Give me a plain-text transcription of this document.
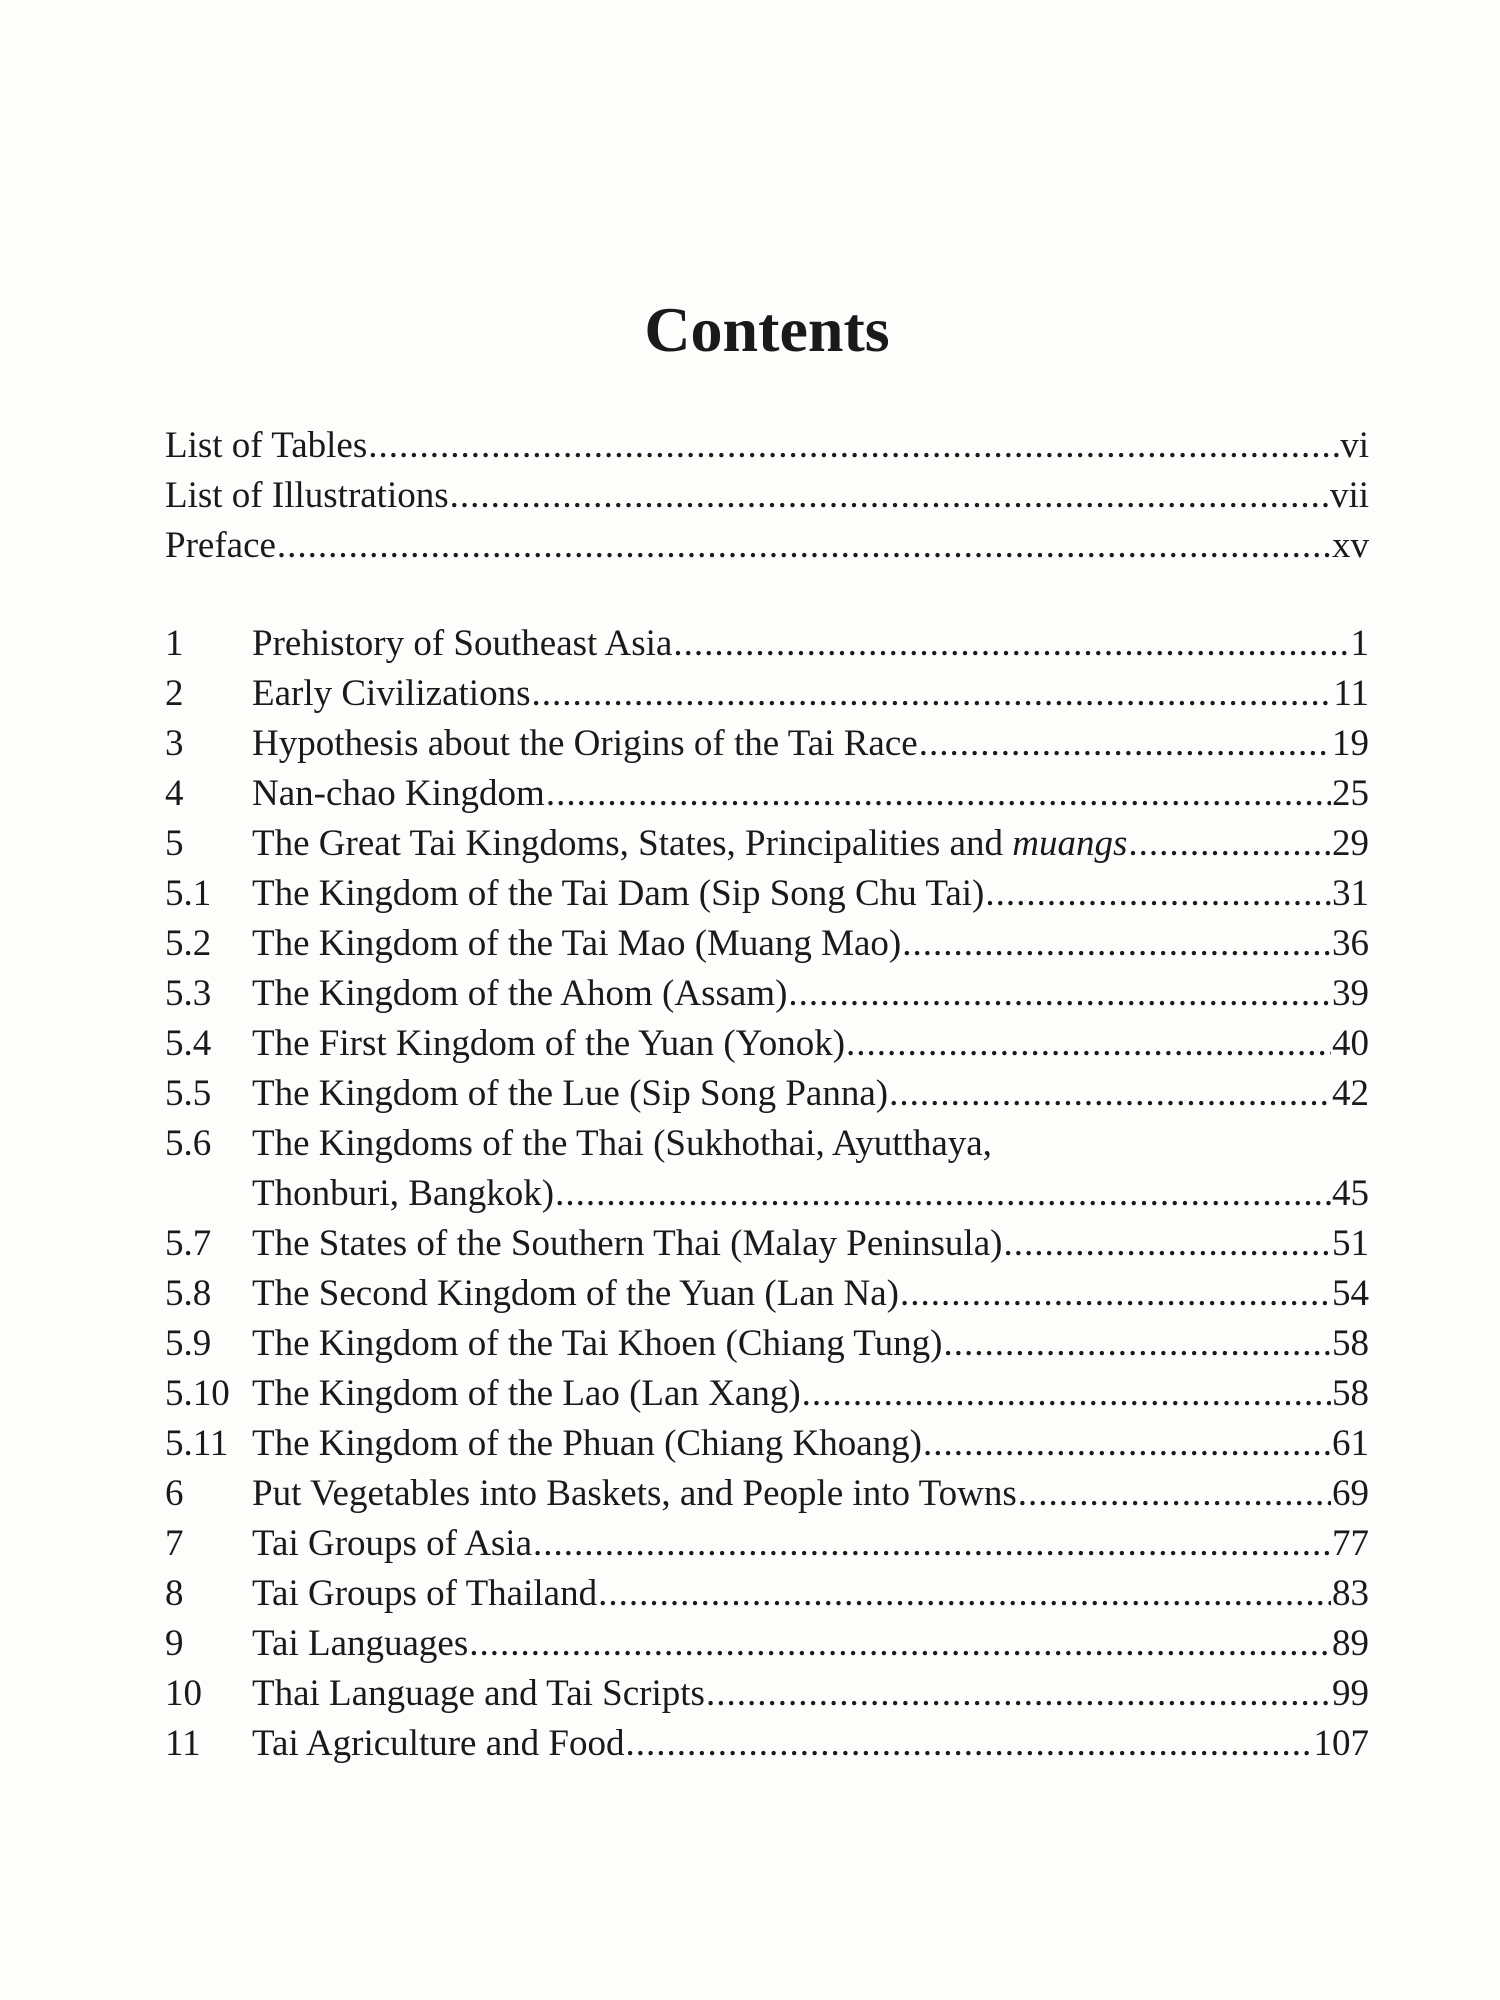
Contents
List of Tables .....	vi
List of Illustrations .....	vii
Preface .....	xv
1	Prehistory of Southeast Asia .....	1
2	Early Civilizations .....	11
3	Hypothesis about the Origins of the Tai Race .....	19
4	Nan-chao Kingdom .....	25
5	The Great Tai Kingdoms, States, Principalities and muangs .....	29
5.1	The Kingdom of the Tai Dam (Sip Song Chu Tai) .....	31
5.2	The Kingdom of the Tai Mao (Muang Mao) .....	36
5.3	The Kingdom of the Ahom (Assam) .....	39
5.4	The First Kingdom of the Yuan (Yonok) .....	40
5.5	The Kingdom of the Lue (Sip Song Panna) .....	42
5.6	The Kingdoms of the Thai (Sukhothai, Ayutthaya,
Thonburi, Bangkok) .....	45
5.7	The States of the Southern Thai (Malay Peninsula) .....	51
5.8	The Second Kingdom of the Yuan (Lan Na) .....	54
5.9	The Kingdom of the Tai Khoen (Chiang Tung) .....	58
5.10 The Kingdom of the Lao (Lan Xang) .....	58
5.11 The Kingdom of the Phuan (Chiang Khoang) .....	61
6	Put Vegetables into Baskets, and People into Towns .....	69
7	Tai Groups of Asia .....	77
8	Tai Groups of Thailand .....	83
9	Tai Languages .....	89
10	Thai Language and Tai Scripts .....	99
11	Tai Agriculture and Food .....	107
